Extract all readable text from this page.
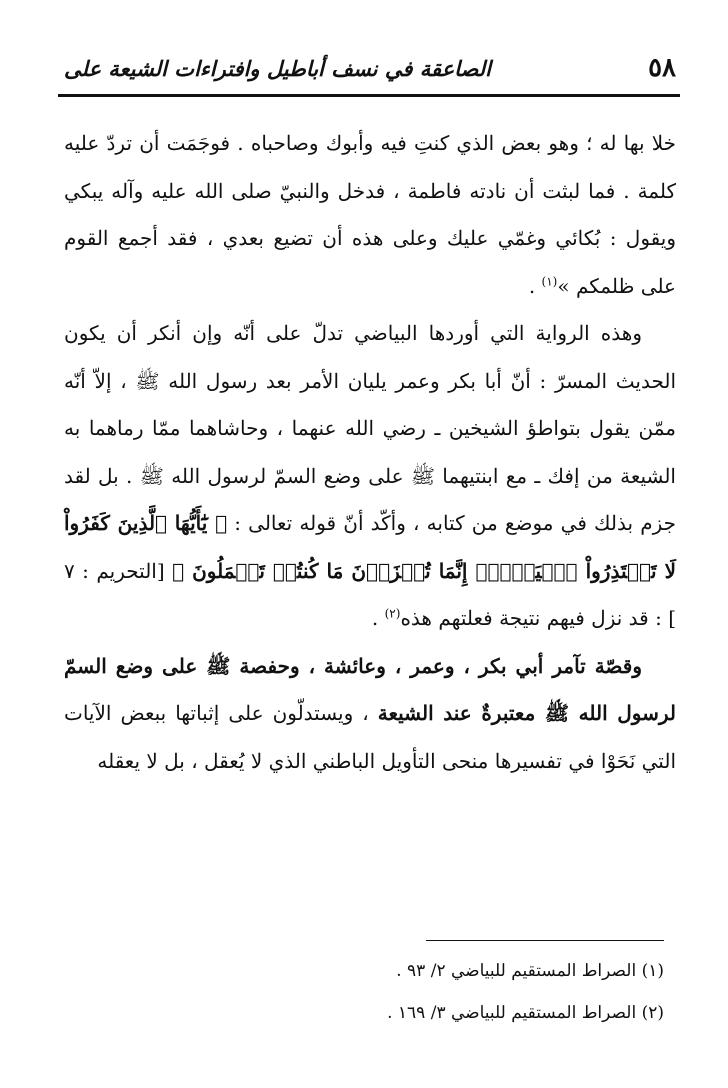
٥٨
الصاعقة في نسف أباطيل وافتراءات الشيعة على

خلا بها له ؛ وهو بعض الذي كنتِ فيه وأبوك وصاحباه . فوجَمَت أن تردّ عليه كلمة . فما لبثت أن نادته فاطمة ، فدخل والنبيّ صلى الله عليه وآله يبكي ويقول : بُكائي وغمّي عليك وعلى هذه أن تضيع بعدي ، فقد أجمع القوم على ظلمكم »$^{(١)}$ .

وهذه الرواية التي أوردها البياضي تدلّ على أنّه وإن أنكر أن يكون الحديث المسرّ : أنّ أبا بكر وعمر يليان الأمر بعد رسول الله ﷺ ، إلاّ أنّه ممّن يقول بتواطؤ الشيخين ـ رضي الله عنهما ، وحاشاهما ممّا رماهما به الشيعة من إفك ـ مع ابنتيهما ﷺ على وضع السمّ لرسول الله ﷺ . بل لقد جزم بذلك في موضع من كتابه ، وأكّد أنّ قوله تعالى : ﴿ يَٰٓأَيُّهَا ٱلَّذِينَ كَفَرُواْ لَا تَعۡتَذِرُواْ ٱلۡيَوۡمَۖ إِنَّمَا تُجۡزَوۡنَ مَا كُنتُمۡ تَعۡمَلُونَ ﴾ [التحريم : ٧ ] : قد نزل فيهم نتيجة فعلتهم هذه$^{(٢)}$ .

وقصّة تآمر أبي بكر ، وعمر ، وعائشة ، وحفصة ﷺ على وضع السمّ لرسول الله ﷺ معتبرةٌ عند الشيعة ، ويستدلّون على إثباتها ببعض الآيات التي نَحَوْا في تفسيرها منحى التأويل الباطني الذي لا يُعقل ، بل لا يعقله

(١) الصراط المستقيم للبياضي ٢/ ٩٣ .
(٢) الصراط المستقيم للبياضي ٣/ ١٦٩ .
